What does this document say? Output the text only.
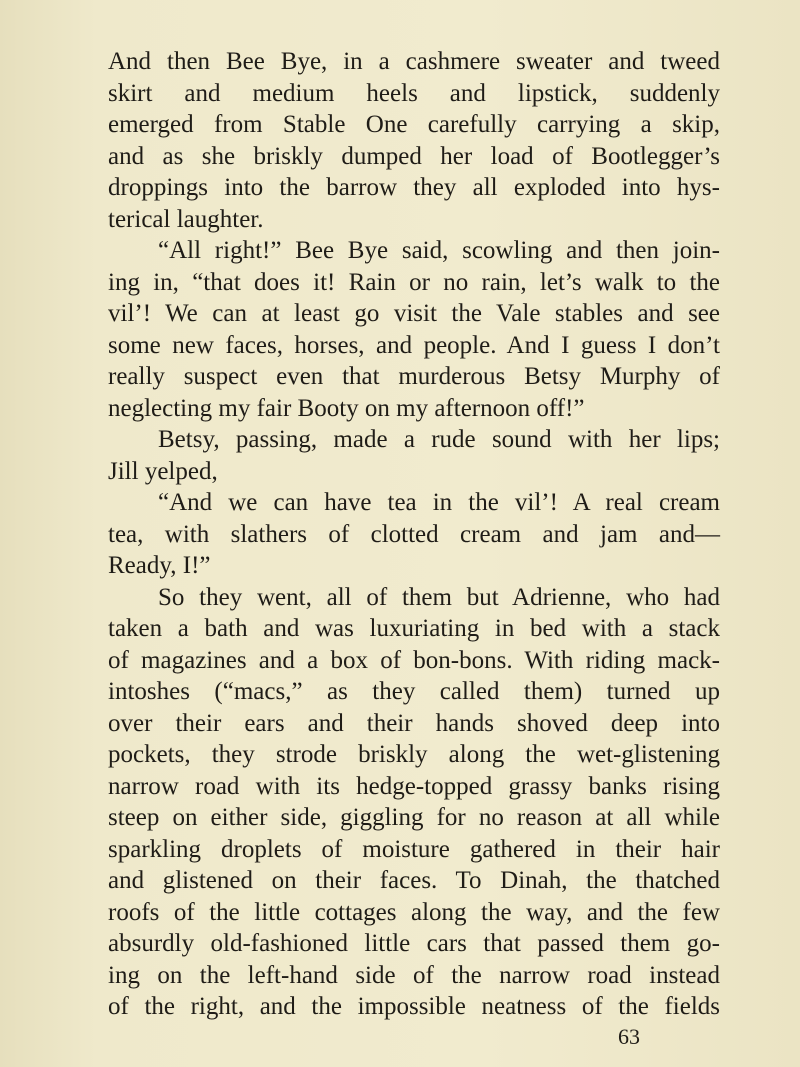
And then Bee Bye, in a cashmere sweater and tweed
skirt and medium heels and lipstick, suddenly
emerged from Stable One carefully carrying a skip,
and as she briskly dumped her load of Bootlegger’s
droppings into the barrow they all exploded into hys-
terical laughter.
“All right!” Bee Bye said, scowling and then join-
ing in, “that does it! Rain or no rain, let’s walk to the
vil’! We can at least go visit the Vale stables and see
some new faces, horses, and people. And I guess I don’t
really suspect even that murderous Betsy Murphy of
neglecting my fair Booty on my afternoon off!”
Betsy, passing, made a rude sound with her lips;
Jill yelped,
“And we can have tea in the vil’! A real cream
tea, with slathers of clotted cream and jam and—
Ready, I!”
So they went, all of them but Adrienne, who had
taken a bath and was luxuriating in bed with a stack
of magazines and a box of bon-bons. With riding mack-
intoshes (“macs,” as they called them) turned up
over their ears and their hands shoved deep into
pockets, they strode briskly along the wet-glistening
narrow road with its hedge-topped grassy banks rising
steep on either side, giggling for no reason at all while
sparkling droplets of moisture gathered in their hair
and glistened on their faces. To Dinah, the thatched
roofs of the little cottages along the way, and the few
absurdly old-fashioned little cars that passed them go-
ing on the left-hand side of the narrow road instead
of the right, and the impossible neatness of the fields
63
